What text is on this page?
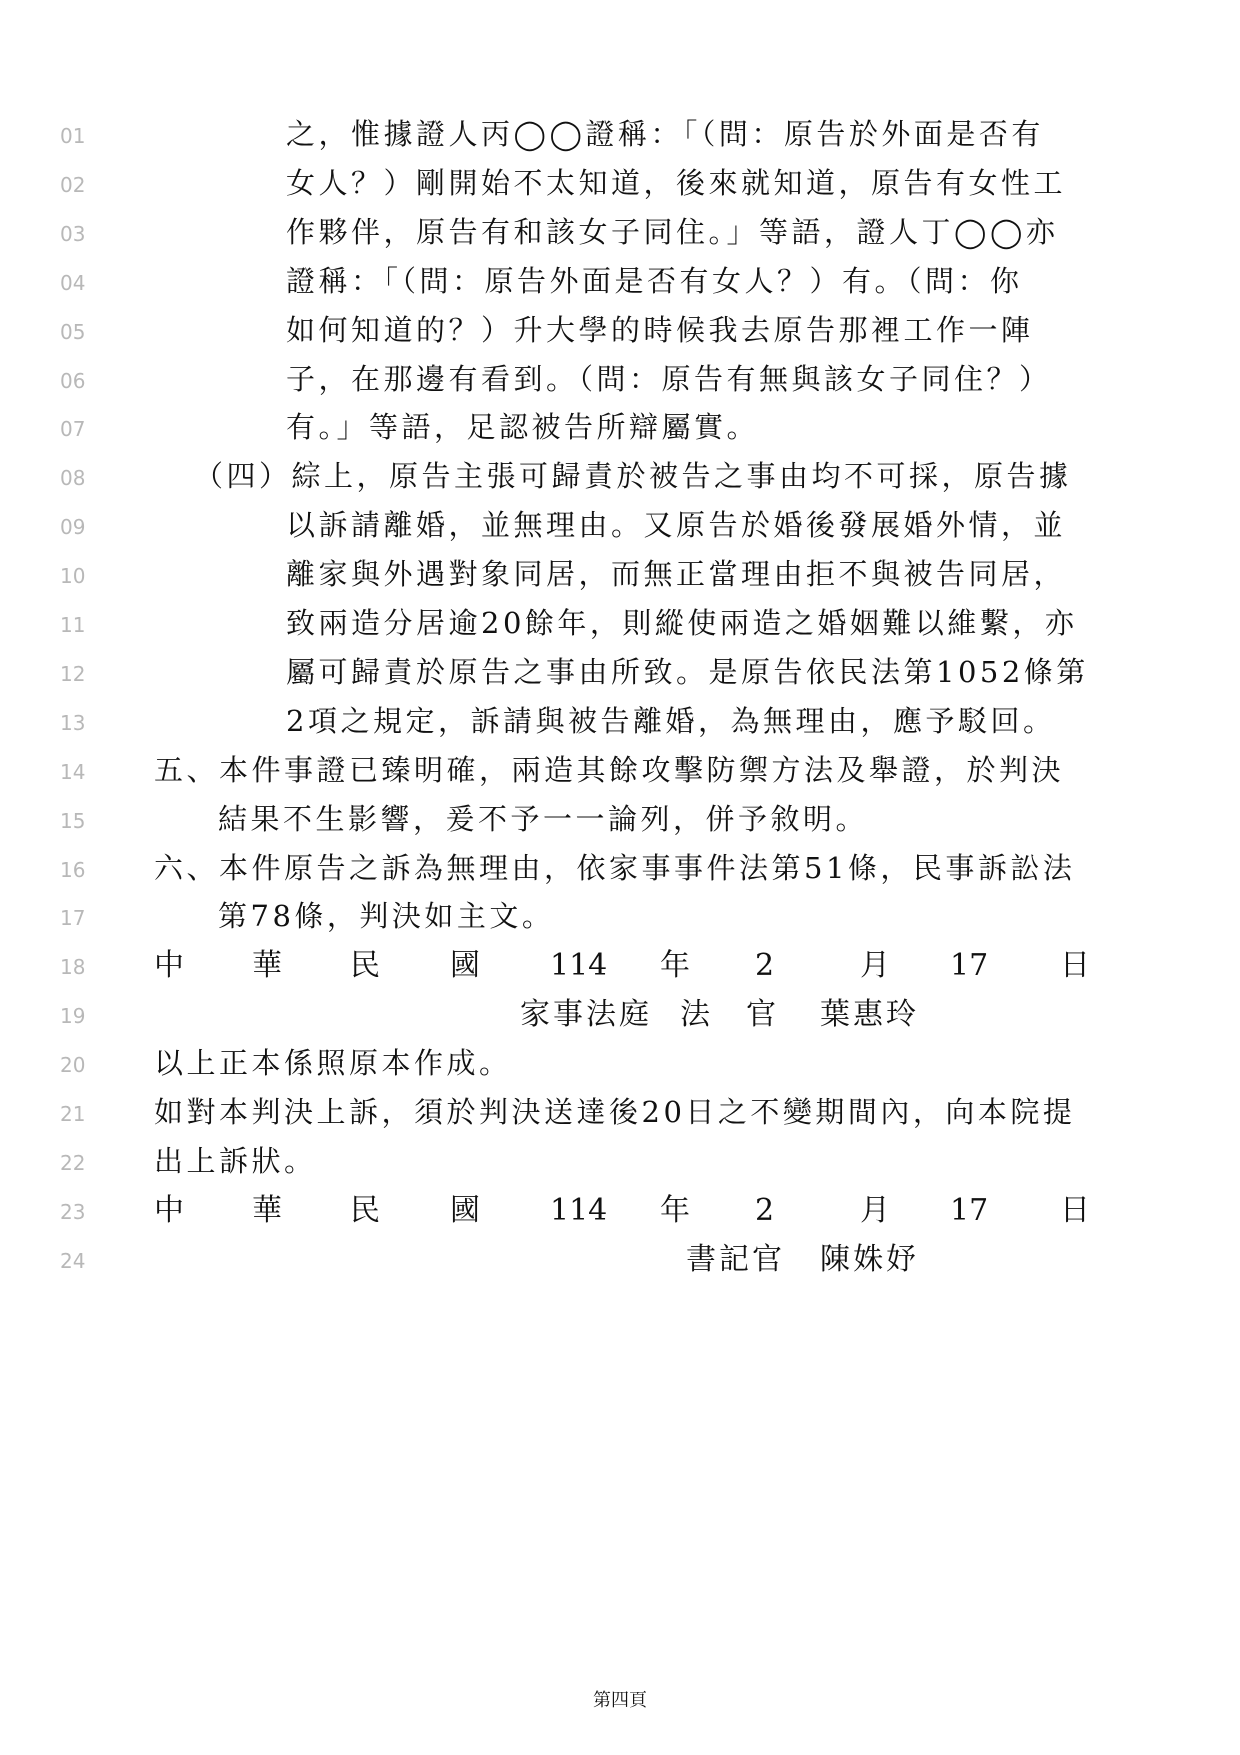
01	之，惟據證人丙◯◯證稱：「（問：原告於外面是否有
02	女人？）剛開始不太知道，後來就知道，原告有女性工
03	作夥伴，原告有和該女子同住。」等語，證人丁◯◯亦
04	證稱：「（問：原告外面是否有女人？）有。（問：你
05	如何知道的？）升大學的時候我去原告那裡工作一陣
06	子，在那邊有看到。（問：原告有無與該女子同住？）
07	有。」等語，足認被告所辯屬實。
08	（四）綜上，原告主張可歸責於被告之事由均不可採，原告據
09	以訴請離婚，並無理由。又原告於婚後發展婚外情，並
10	離家與外遇對象同居，而無正當理由拒不與被告同居，
11	致兩造分居逾20餘年，則縱使兩造之婚姻難以維繫，亦
12	屬可歸責於原告之事由所致。是原告依民法第1052條第
13	2項之規定，訴請與被告離婚，為無理由，應予駁回。
14	五、本件事證已臻明確，兩造其餘攻擊防禦方法及舉證，於判決
15	結果不生影響，爰不予一一論列，併予敘明。
16	六、本件原告之訴為無理由，依家事事件法第51條，民事訴訟法
17	第78條，判決如主文。
18	中 華 民 國 114 年 2	月 17 日
19	家事法庭 法　官 葉惠玲
20	以上正本係照原本作成。
21	如對本判決上訴，須於判決送達後20日之不變期間內，向本院提
22	出上訴狀。
23	中 華 民 國 114 年 2	月 17 日
24	書記官 陳姝妤
第四頁
